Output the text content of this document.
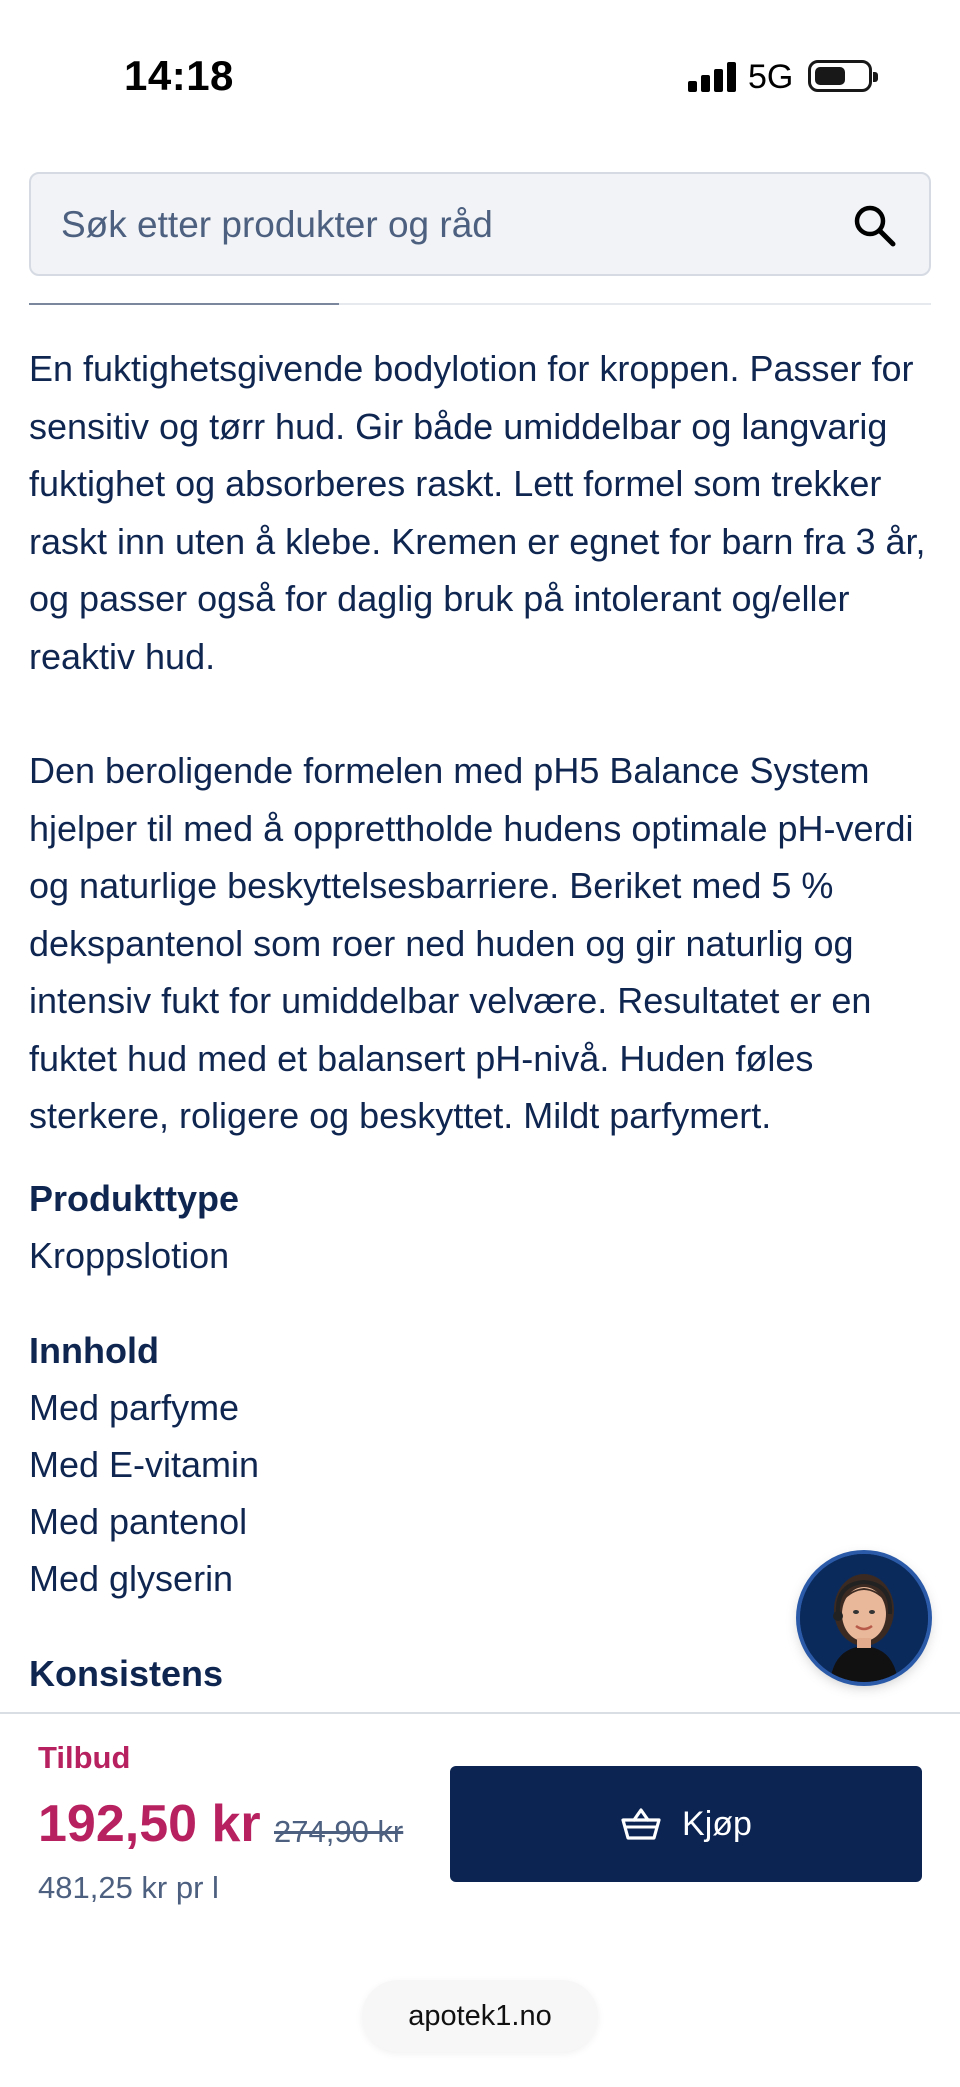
14:18	5G
Søk etter produkter og råd

En fuktighetsgivende bodylotion for kroppen. Passer for sensitiv og tørr hud. Gir både umiddelbar og langvarig fuktighet og absorberes raskt. Lett formel som trekker raskt inn uten å klebe. Kremen er egnet for barn fra 3 år, og passer også for daglig bruk på intolerant og/eller reaktiv hud.

Den beroligende formelen med pH5 Balance System hjelper til med å opprettholde hudens optimale pH-verdi og naturlige beskyttelsesbarriere. Beriket med 5 % dekspantenol som roer ned huden og gir naturlig og intensiv fukt for umiddelbar velvære. Resultatet er en fuktet hud med et balansert pH-nivå. Huden føles sterkere, roligere og beskyttet. Mildt parfymert.

Produkttype
Kroppslotion
Innhold
Med parfyme
Med E-vitamin
Med pantenol
Med glyserin
Konsistens
Tilbud
192,50 kr 274,90 kr
481,25 kr pr l
Kjøp
apotek1.no
